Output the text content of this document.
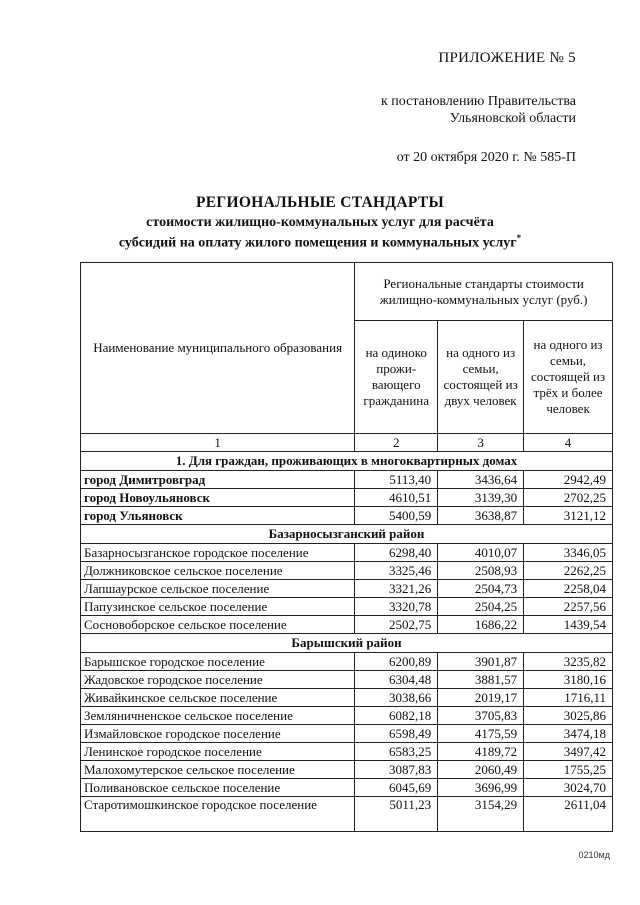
ПРИЛОЖЕНИЕ № 5
к постановлению Правительства
Ульяновской области
от 20 октября 2020 г. № 585-П
РЕГИОНАЛЬНЫЕ СТАНДАРТЫ
стоимости жилищно-коммунальных услуг для расчёта
субсидий на оплату жилого помещения и коммунальных услуг*
Наименование муниципального образования	Региональные стандарты стоимости жилищно-коммунальных услуг (руб.)		
	на одиноко прожи-вающего гражданина	на одного из семьи, состоящей из двух человек	на одного из семьи, состоящей из трёх и более человек
1	2	3	4
1. Для граждан, проживающих в многоквартирных домах			
город Димитровград	5113,40	3436,64	2942,49
город Новоульяновск	4610,51	3139,30	2702,25
город Ульяновск	5400,59	3638,87	3121,12
Базарносызганский район			
Базарносызганское городское поселение	6298,40	4010,07	3346,05
Должниковское сельское поселение	3325,46	2508,93	2262,25
Лапшаурское сельское поселение	3321,26	2504,73	2258,04
Папузинское сельское поселение	3320,78	2504,25	2257,56
Сосновоборское сельское поселение	2502,75	1686,22	1439,54
Барышский район			
Барышское городское поселение	6200,89	3901,87	3235,82
Жадовское городское поселение	6304,48	3881,57	3180,16
Живайкинское сельское поселение	3038,66	2019,17	1716,11
Земляничненское сельское поселение	6082,18	3705,83	3025,86
Измайловское городское поселение	6598,49	4175,59	3474,18
Ленинское городское поселение	6583,25	4189,72	3497,42
Малохомутерское сельское поселение	3087,83	2060,49	1755,25
Поливановское сельское поселение	6045,69	3696,99	3024,70
Старотимошкинское городское поселение	5011,23	3154,29	2611,04
0210мд
